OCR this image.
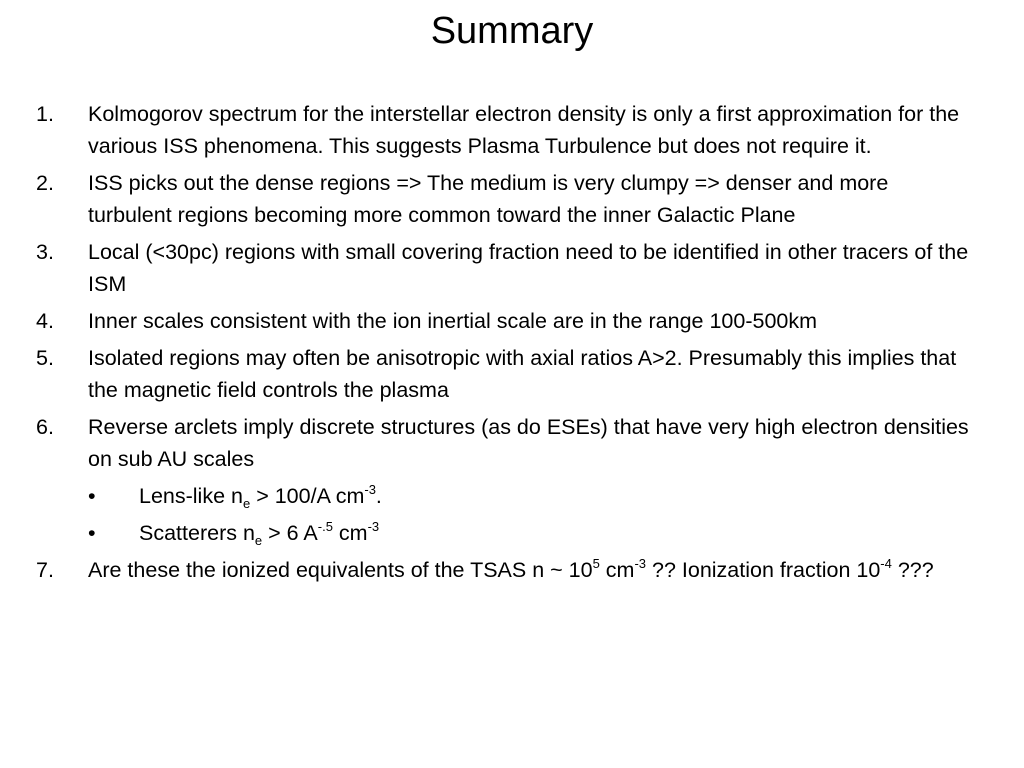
Summary
1. Kolmogorov spectrum for the interstellar electron density is only a first approximation for the various ISS phenomena. This suggests Plasma Turbulence but does not require it.
2. ISS picks out the dense regions => The medium is very clumpy => denser and more turbulent regions becoming more common toward the inner Galactic Plane
3. Local (<30pc) regions with small covering fraction need to be identified in other tracers of the ISM
4. Inner scales consistent with the ion inertial scale are in the range 100-500km
5. Isolated regions may often be anisotropic with axial ratios A>2. Presumably this implies that the magnetic field controls the plasma
6. Reverse arclets imply discrete structures (as do ESEs) that have very high electron densities on sub AU scales
• Lens-like $n_e > 100/A$ $cm^{-3}$.
• Scatterers $n_e > 6$ $A^{-.5}$ $cm^{-3}$
7. Are these the ionized equivalents of the TSAS n ~ $10^5$ $cm^{-3}$ ?? Ionization fraction $10^{-4}$ ???
